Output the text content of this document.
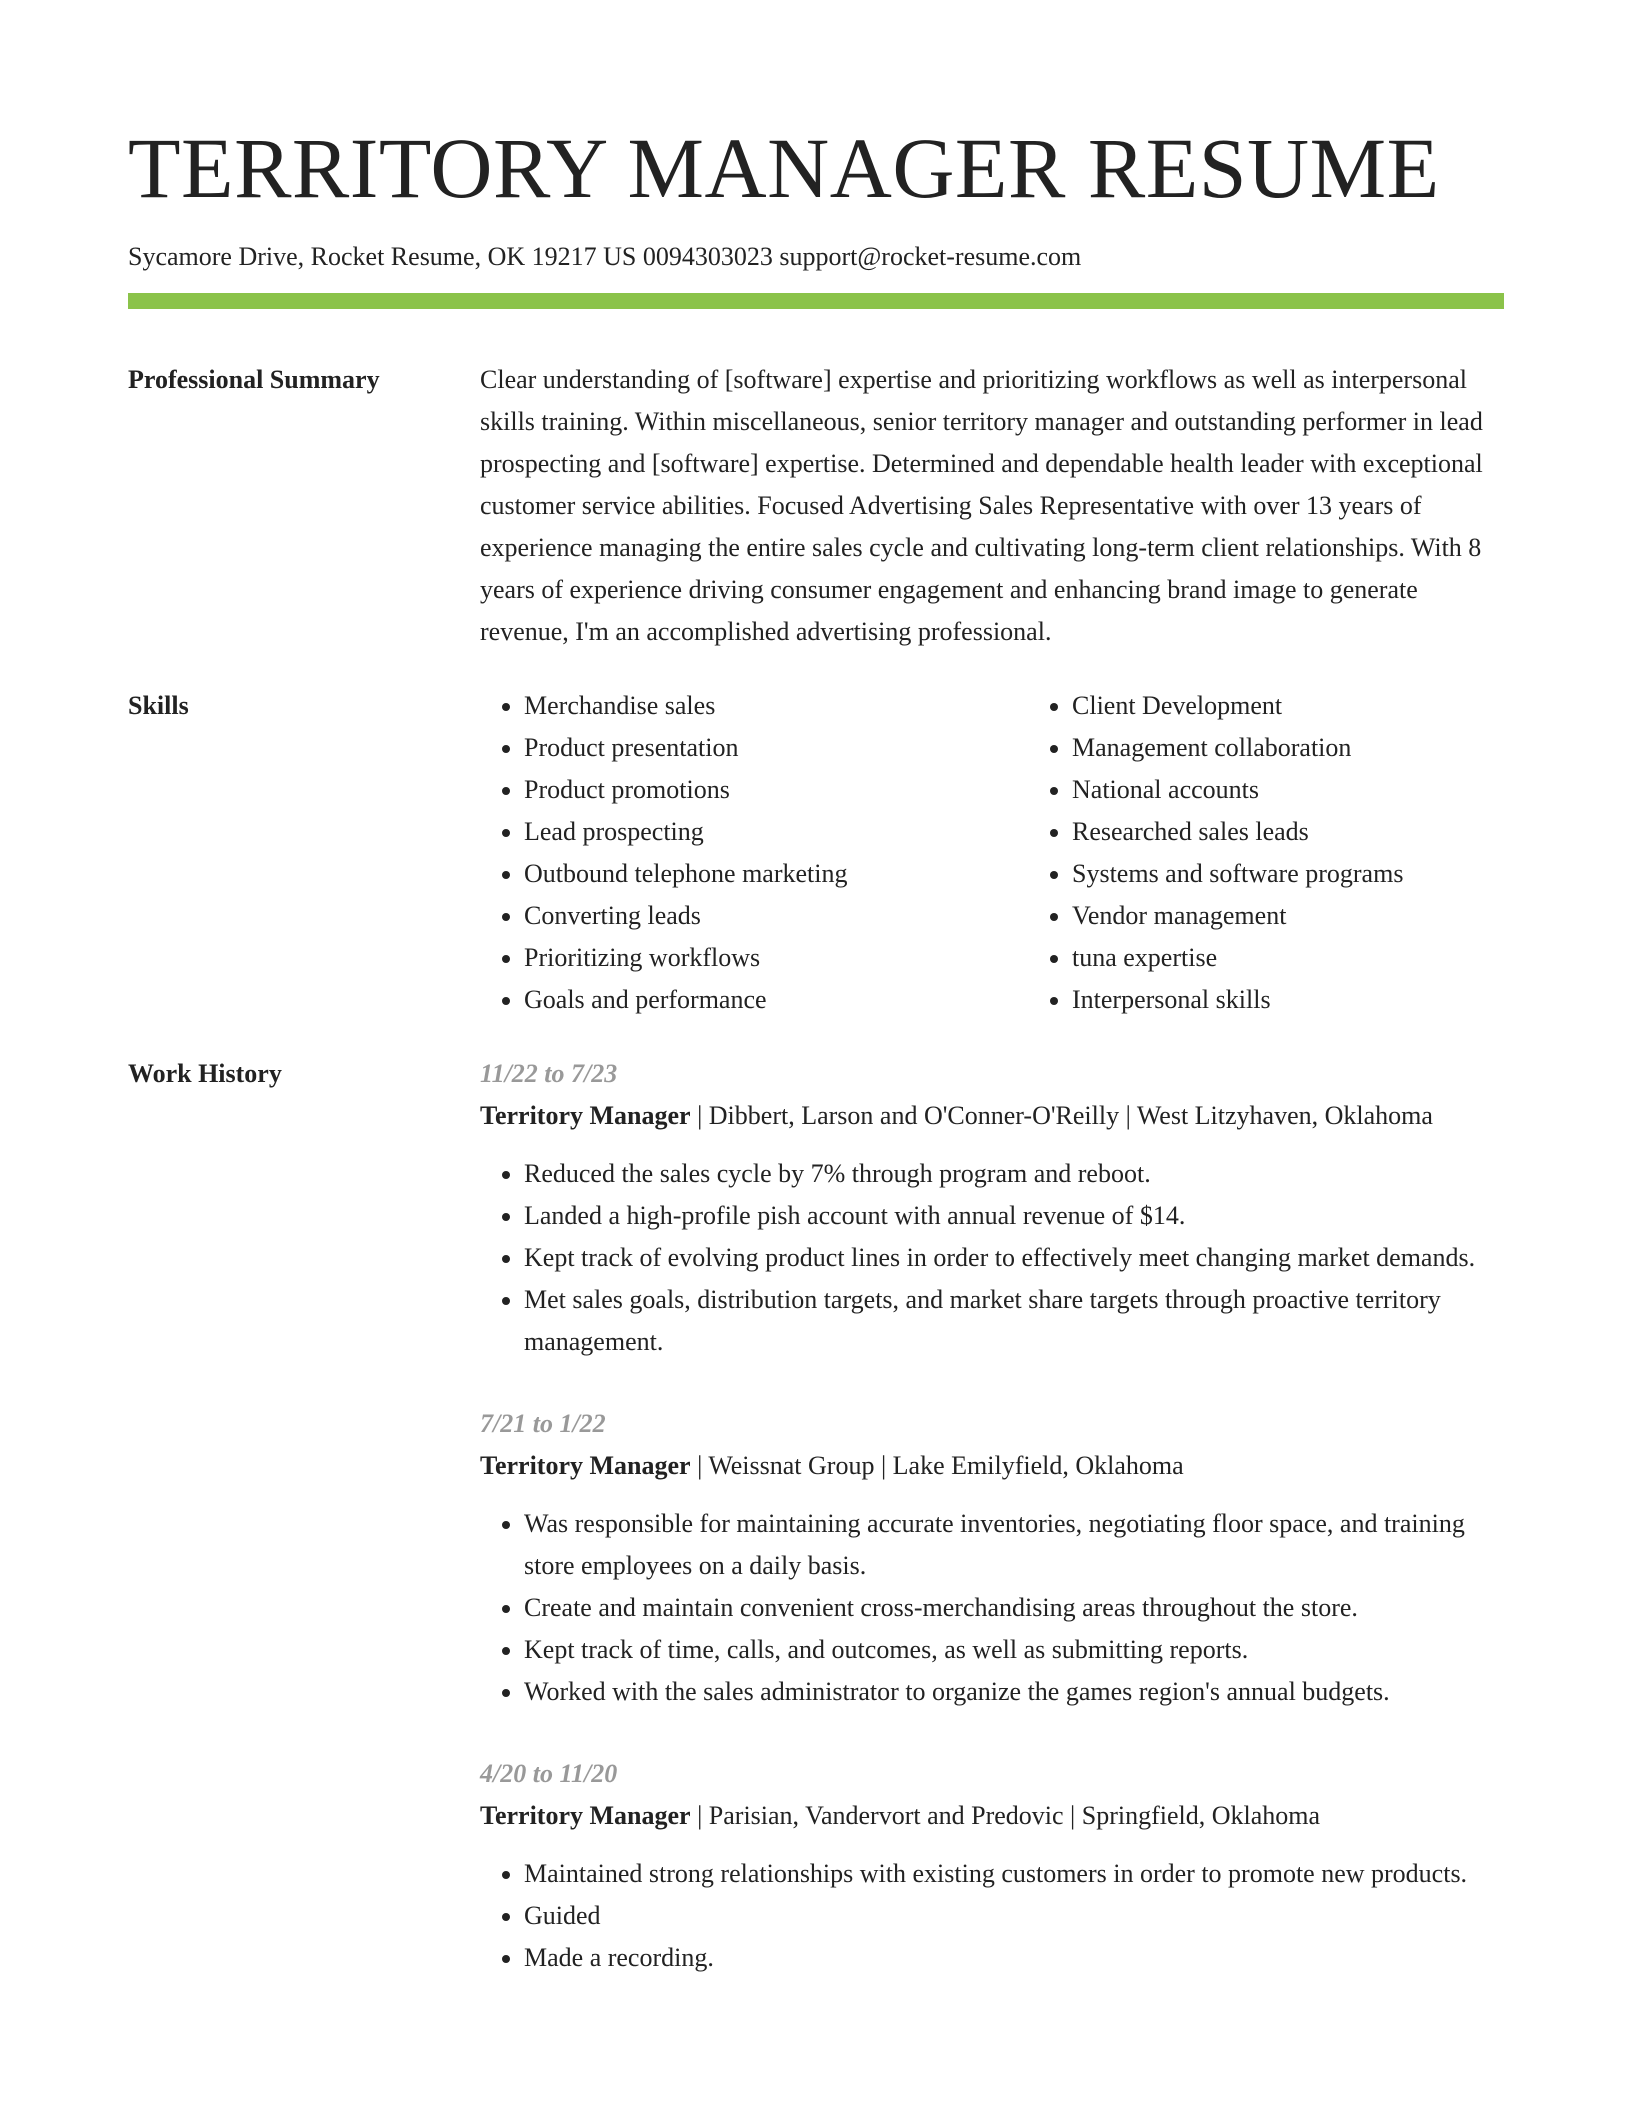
TERRITORY MANAGER RESUME
Sycamore Drive, Rocket Resume, OK 19217 US 0094303023 support@rocket-resume.com
Professional Summary	Clear understanding of [software] expertise and prioritizing workflows as well as interpersonal skills training. Within miscellaneous, senior territory manager and outstanding performer in lead prospecting and [software] expertise. Determined and dependable health leader with exceptional customer service abilities. Focused Advertising Sales Representative with over 13 years of experience managing the entire sales cycle and cultivating long-term client relationships. With 8 years of experience driving consumer engagement and enhancing brand image to generate revenue, I'm an accomplished advertising professional.

Skills
•	Merchandise sales
• Product presentation
• Product promotions
• Lead prospecting
• Outbound telephone marketing
• Converting leads
• Prioritizing workflows
• Goals and performance
• Client Development
• Management collaboration
• National accounts
• Researched sales leads
• Systems and software programs
• Vendor management
• tuna expertise
• Interpersonal skills
Work History	11/22 to 7/23

Territory Manager | Dibbert, Larson and O'Conner-O'Reilly | West Litzyhaven, Oklahoma

• Reduced the sales cycle by 7% through program and reboot.
• Landed a high-profile pish account with annual revenue of $14.
• Kept track of evolving product lines in order to effectively meet changing market demands.
• Met sales goals, distribution targets, and market share targets through proactive territory management.
7/21 to 1/22

Territory Manager | Weissnat Group | Lake Emilyfield, Oklahoma

• Was responsible for maintaining accurate inventories, negotiating floor space, and training store employees on a daily basis.
• Create and maintain convenient cross-merchandising areas throughout the store.
• Kept track of time, calls, and outcomes, as well as submitting reports.
• Worked with the sales administrator to organize the games region's annual budgets.
4/20 to 11/20

Territory Manager | Parisian, Vandervort and Predovic | Springfield, Oklahoma

• Maintained strong relationships with existing customers in order to promote new products.
• Guided
• Made a recording.
